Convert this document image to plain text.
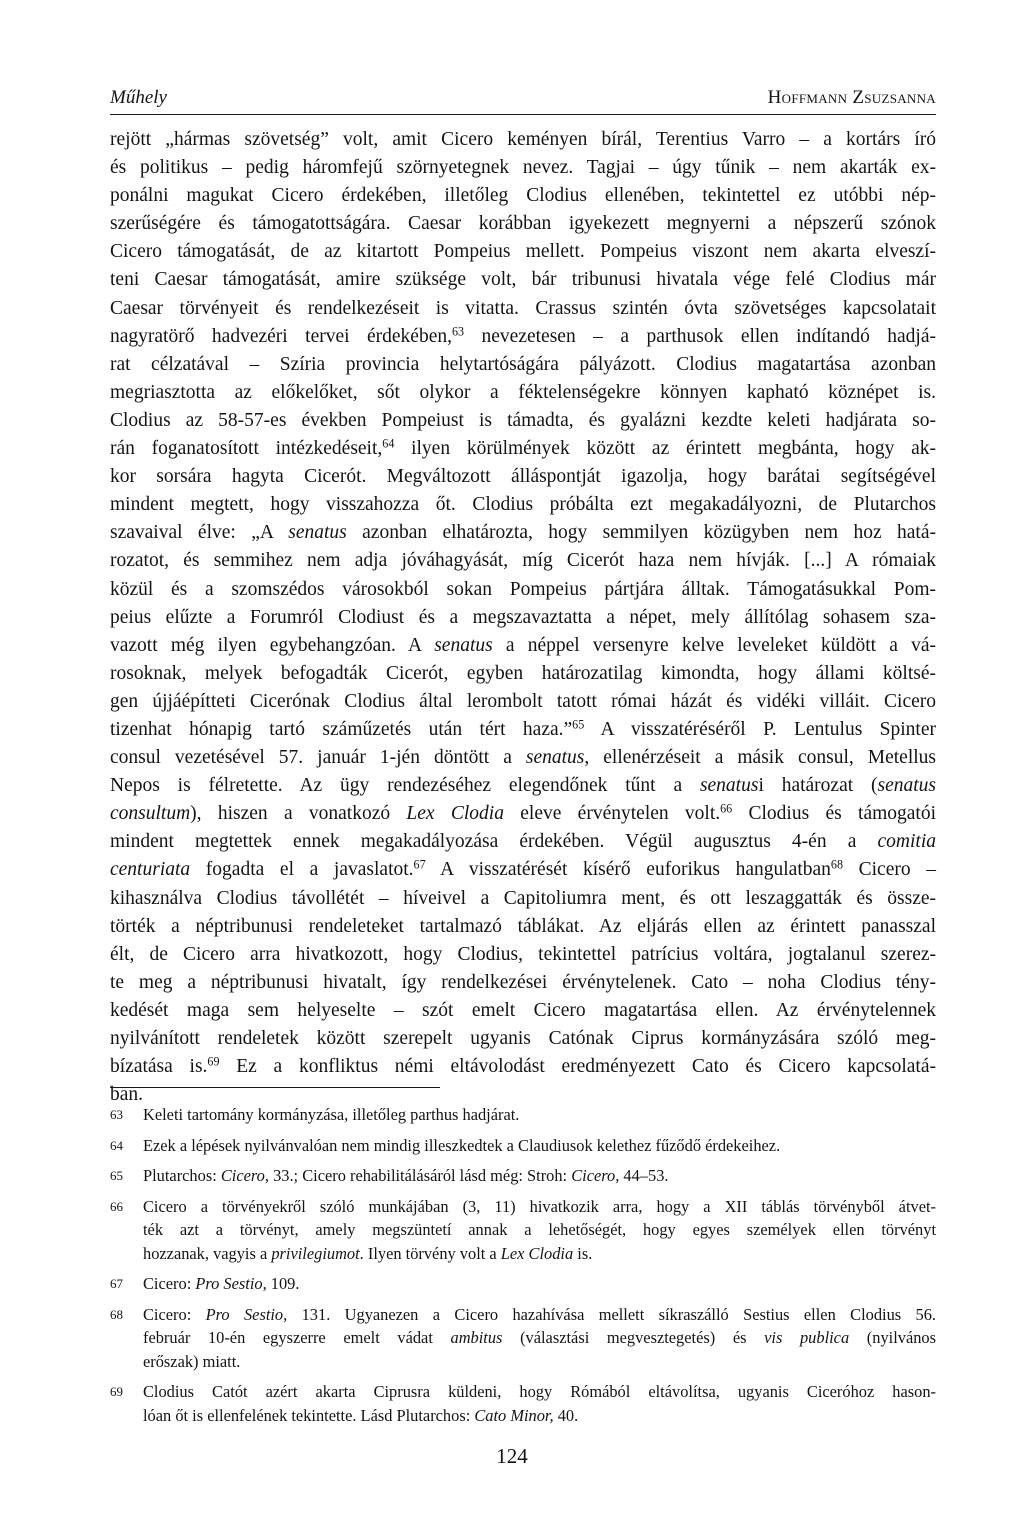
Műhely	Hoffmann Zsuzsanna
rejött „hármas szövetség” volt, amit Cicero keményen bírál, Terentius Varro – a kortárs író
és politikus – pedig háromfejű szörnyetegnek nevez. Tagjai – úgy tűnik – nem akarták ex-
ponálni magukat Cicero érdekében, illetőleg Clodius ellenében, tekintettel ez utóbbi nép-
szerűségére és támogatottságára. Caesar korábban igyekezett megnyerni a népszerű szónok
Cicero támogatását, de az kitartott Pompeius mellett. Pompeius viszont nem akarta elveszí-
teni Caesar támogatását, amire szüksége volt, bár tribunusi hivatala vége felé Clodius már
Caesar törvényeit és rendelkezéseit is vitatta. Crassus szintén óvta szövetséges kapcsolatait
nagyratörő hadvezéri tervei érdekében,$^{63}$ nevezetesen – a parthusok ellen indítandó hadjá-
rat célzatával – Szíria provincia helytartóságára pályázott. Clodius magatartása azonban
megriasztotta az előkelőket, sőt olykor a féktelenségekre könnyen kapható köznépet is.
Clodius az 58-57-es években Pompeiust is támadta, és gyalázni kezdte keleti hadjárata so-
rán foganatosított intézkedéseit,$^{64}$ ilyen körülmények között az érintett megbánta, hogy ak-
kor sorsára hagyta Cicerót. Megváltozott álláspontját igazolja, hogy barátai segítségével
mindent megtett, hogy visszahozza őt. Clodius próbálta ezt megakadályozni, de Plutarchos
szavaival élve: „A senatus azonban elhatározta, hogy semmilyen közügyben nem hoz hatá-
rozatot, és semmihez nem adja jóváhagyását, míg Cicerót haza nem hívják. [...] A rómaiak
közül és a szomszédos városokból sokan Pompeius pártjára álltak. Támogatásukkal Pom-
peius elűzte a Forumról Clodiust és a megszavaztatta a népet, mely állítólag sohasem sza-
vazott még ilyen egybehangzóan. A senatus a néppel versenyre kelve leveleket küldött a vá-
rosoknak, melyek befogadták Cicerót, egyben határozatilag kimondta, hogy állami költsé-
gen újjáépítteti Cicerónak Clodius által lerombolt tatott római házát és vidéki villáit. Cicero
tizenhat hónapig tartó száműzetés után tért haza.”$^{65}$ A visszatéréséről P. Lentulus Spinter
consul vezetésével 57. január 1-jén döntött a senatus, ellenérzéseit a másik consul, Metellus
Nepos is félretette. Az ügy rendezéséhez elegendőnek tűnt a senatusi határozat (senatus
consultum), hiszen a vonatkozó Lex Clodia eleve érvénytelen volt.$^{66}$ Clodius és támogatói
mindent megtettek ennek megakadályozása érdekében. Végül augusztus 4-én a comitia
centuriata fogadta el a javaslatot.$^{67}$ A visszatérését kísérő euforikus hangulatban$^{68}$ Cicero –
kihasználva Clodius távollétét – híveivel a Capitoliumra ment, és ott leszaggatták és össze-
törték a néptribunusi rendeleteket tartalmazó táblákat. Az eljárás ellen az érintett panasszal
élt, de Cicero arra hivatkozott, hogy Clodius, tekintettel patrícius voltára, jogtalanul szerez-
te meg a néptribunusi hivatalt, így rendelkezései érvénytelenek. Cato – noha Clodius tény-
kedését maga sem helyeselte – szót emelt Cicero magatartása ellen. Az érvénytelennek
nyilvánított rendeletek között szerepelt ugyanis Catónak Ciprus kormányzására szóló meg-
bízatása is.$^{69}$ Ez a konfliktus némi eltávolodást eredményezett Cato és Cicero kapcsolatá-
ban.
63 Keleti tartomány kormányzása, illetőleg parthus hadjárat.
64 Ezek a lépések nyilvánvalóan nem mindig illeszkedtek a Claudiusok kelethez fűződő érdekeihez.
65 Plutarchos: Cicero, 33.; Cicero rehabilitálásáról lásd még: Stroh: Cicero, 44–53.
66 Cicero a törvényekről szóló munkájában (3, 11) hivatkozik arra, hogy a XII táblás törvényből átvet-
ték azt a törvényt, amely megszüntetí annak a lehetőségét, hogy egyes személyek ellen törvényt
hozzanak, vagyis a privilegiumot. Ilyen törvény volt a Lex Clodia is.
67 Cicero: Pro Sestio, 109.
68 Cicero: Pro Sestio, 131. Ugyanezen a Cicero hazahívása mellett síkraszálló Sestius ellen Clodius 56.
február 10-én egyszerre emelt vádat ambitus (választási megvesztegetés) és vis publica (nyilvános
erőszak) miatt.
69 Clodius Catót azért akarta Ciprusra küldeni, hogy Rómából eltávolítsa, ugyanis Ciceróhoz hason-
lóan őt is ellenfelének tekintette. Lásd Plutarchos: Cato Minor, 40.
124
